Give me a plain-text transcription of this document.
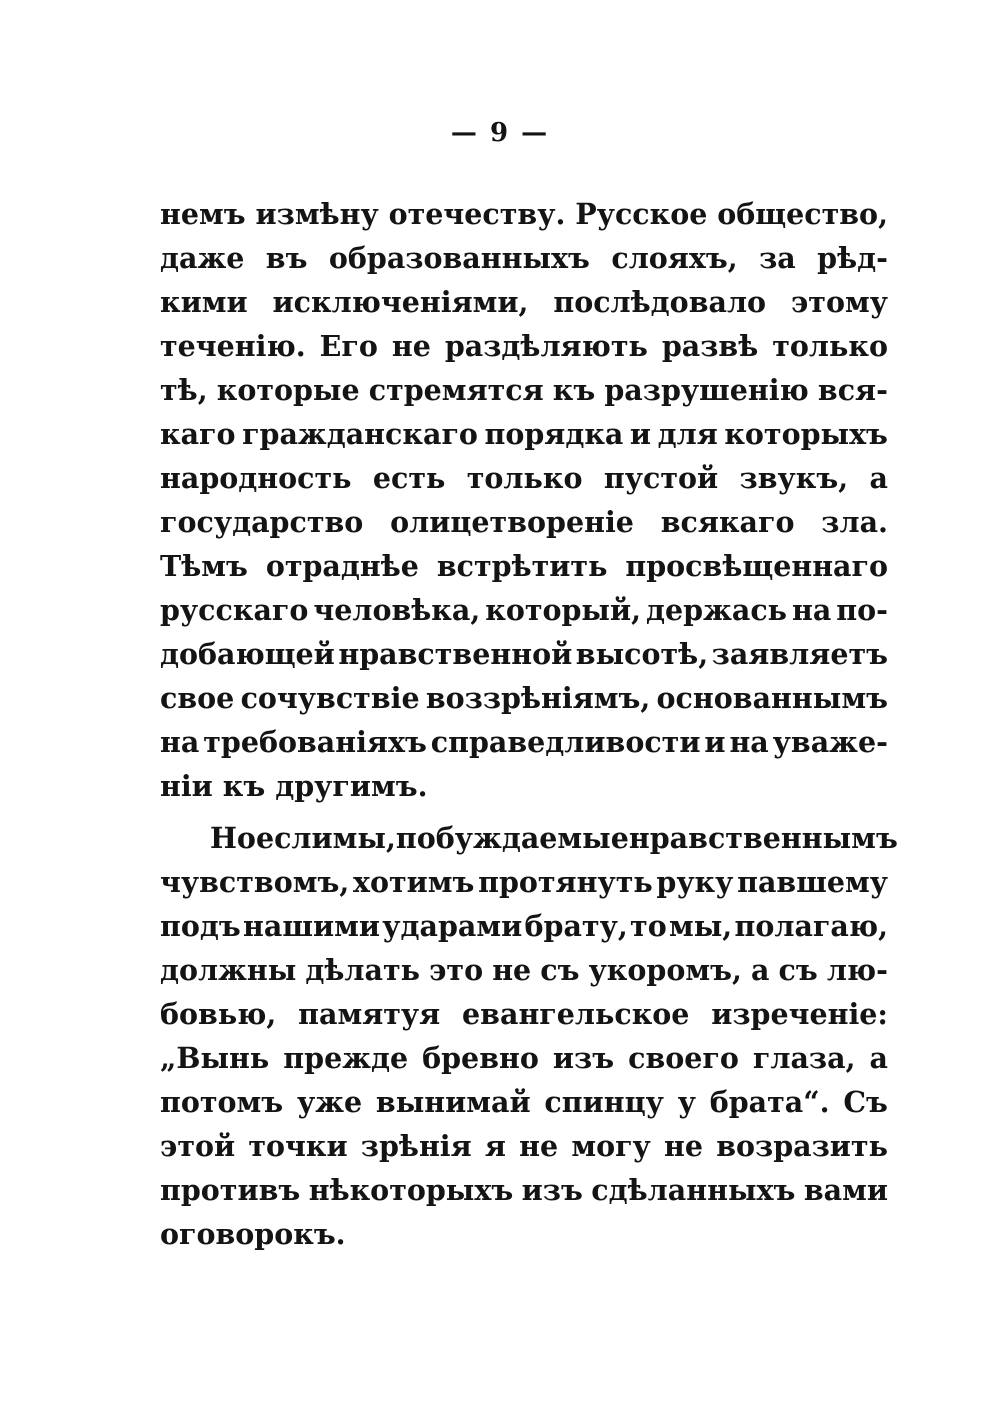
— 9 —
немъ измѣну отечеству. Русское общество,
даже въ образованныхъ слояхъ, за рѣд-
кими исключеніями, послѣдовало этому
теченію. Его не раздѣляють развѣ только
тѣ, которые стремятся къ разрушенію вся-
каго гражданскаго порядка и для которыхъ
народность есть только пустой звукъ, а
государство олицетвореніе всякаго зла.
Тѣмъ отраднѣе встрѣтить просвѣщеннаго
русскаго человѣка, который, держась на по-
добающей нравственной высотѣ, заявляетъ
свое сочувствіе воззрѣніямъ, основаннымъ
на требованіяхъ справедливости и на уваже-
ніи къ другимъ.
Но если мы, побуждаемые нравственнымъ
чувствомъ, хотимъ протянуть руку павшему
подъ нашими ударами брату, то мы, полагаю,
должны дѣлать это не съ укоромъ, а съ лю-
бовью, памятуя евангельское изреченіе:
„Вынь прежде бревно изъ своего глаза, а
потомъ уже вынимай спинцу у брата“. Съ
этой точки зрѣнія я не могу не возразить
противъ нѣкоторыхъ изъ сдѣланныхъ вами
оговорокъ.
